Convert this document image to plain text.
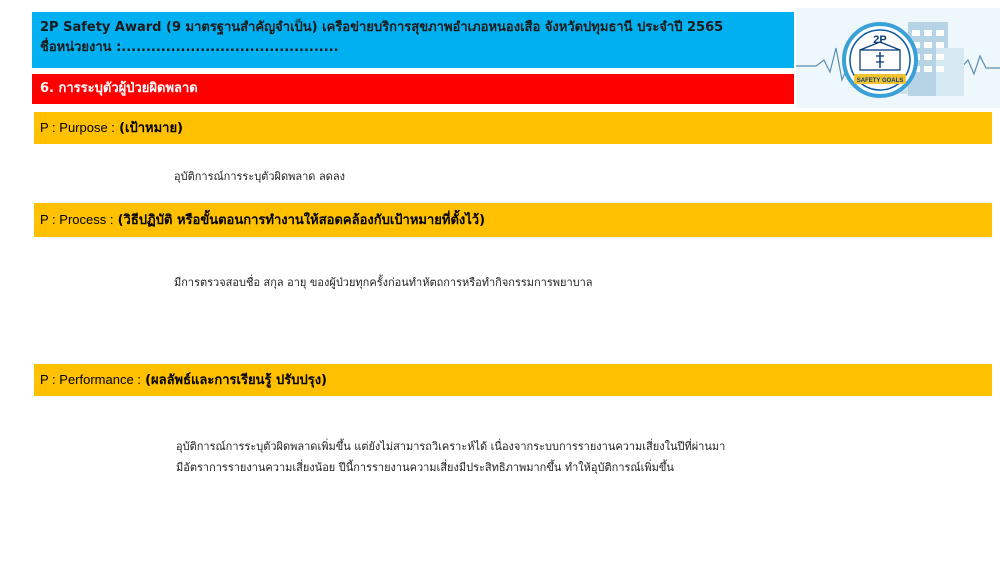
2P Safety Award (9 มาตรฐานสำคัญจำเป็น) เครือข่ายบริการสุขภาพอำเภอหนองเสือ จังหวัดปทุมธานี ประจำปี 2565
ชื่อหน่วยงาน :............................................	2P
SAFETY GOALS
6. การระบุตัวผู้ป่วยผิดพลาด
P : Purpose : (เป้าหมาย)
อุบัติการณ์การระบุตัวผิดพลาด ลดลง
P : Process : (วิธีปฏิบัติ หรือขั้นตอนการทำงานให้สอดคล้องกับเป้าหมายที่ตั้งไว้)
มีการตรวจสอบชื่อ สกุล อายุ ของผู้ป่วยทุกครั้งก่อนทำหัตถการหรือทำกิจกรรมการพยาบาล
P : Performance : (ผลลัพธ์และการเรียนรู้ ปรับปรุง)
อุบัติการณ์การระบุตัวผิดพลาดเพิ่มขึ้น แต่ยังไม่สามารถวิเคราะห์ได้ เนื่องจากระบบการรายงานความเสี่ยงในปีที่ผ่านมา
มีอัตราการรายงานความเสี่ยงน้อย ปีนี้การรายงานความเสี่ยงมีประสิทธิภาพมากขึ้น ทำให้อุบัติการณ์เพิ่มขึ้น
